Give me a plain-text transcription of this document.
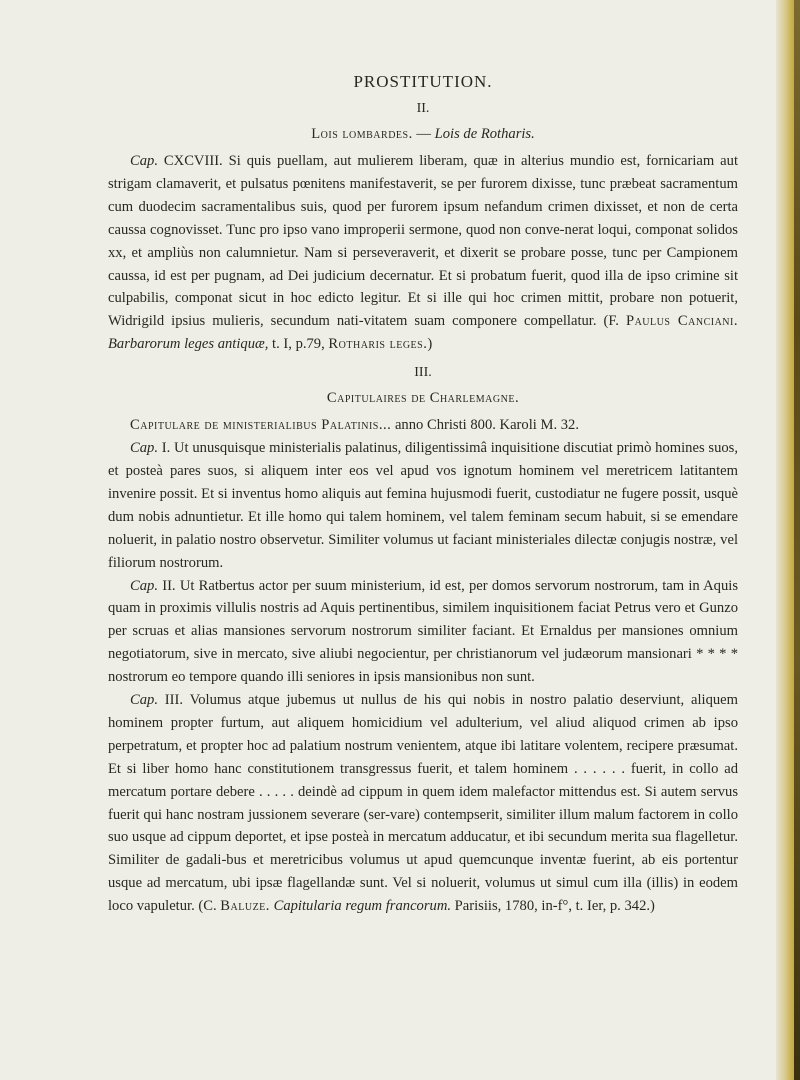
PROSTITUTION.
II.
Lois lombardes. — Lois de Rotharis.

Cap. CXCVIII. Si quis puellam, aut mulierem liberam, quæ in alterius mundio est, fornicariam aut strigam clamaverit, et pulsatus pœnitens manifestaverit, se per furorem dixisse, tunc præbeat sacramentum cum duodecim sacramentalibus suis, quod per furorem ipsum nefandum crimen dixisset, et non de certa caussa cognovisset. Tunc pro ipso vano improperii sermone, quod non conve-nerat loqui, componat solidos xx, et ampliùs non calumnietur. Nam si perseveraverit, et dixerit se probare posse, tunc per Campionem caussa, id est per pugnam, ad Dei judicium decernatur. Et si probatum fuerit, quod illa de ipso crimine sit culpabilis, componat sicut in hoc edicto legitur. Et si ille qui hoc crimen mittit, probare non potuerit, Widrigild ipsius mulieris, secundum nati-vitatem suam componere compellatur. (F. Paulus Canciani. Barbarorum leges antiquæ, t. I, p.79, Rotharis leges.)

III.
Capitulaires de Charlemagne.

Capitulare de ministerialibus Palatinis... anno Christi 800. Karoli M. 32.

Cap. I. Ut unusquisque ministerialis palatinus, diligentissimâ inquisitione discutiat primò homines suos, et posteà pares suos, si aliquem inter eos vel apud vos ignotum hominem vel meretricem latitantem invenire possit. Et si inventus homo aliquis aut femina hujusmodi fuerit, custodiatur ne fugere possit, usquè dum nobis adnuntietur. Et ille homo qui talem hominem, vel talem feminam secum habuit, si se emendare noluerit, in palatio nostro observetur. Similiter volumus ut faciant ministeriales dilectæ conjugis nostræ, vel filiorum nostrorum.

Cap. II. Ut Ratbertus actor per suum ministerium, id est, per domos servorum nostrorum, tam in Aquis quam in proximis villulis nostris ad Aquis pertinentibus, similem inquisitionem faciat Petrus vero et Gunzo per scruas et alias mansiones servorum nostrorum similiter faciant. Et Ernaldus per mansiones omnium negotiatorum, sive in mercato, sive aliubi negocientur, per christianorum vel judæorum mansionari * * * * nostrorum eo tempore quando illi seniores in ipsis mansionibus non sunt.

Cap. III. Volumus atque jubemus ut nullus de his qui nobis in nostro palatio deserviunt, aliquem hominem propter furtum, aut aliquem homicidium vel adulterium, vel aliud aliquod crimen ab ipso perpetratum, et propter hoc ad palatium nostrum venientem, atque ibi latitare volentem, recipere præsumat. Et si liber homo hanc constitutionem transgressus fuerit, et talem hominem . . . . . . fuerit, in collo ad mercatum portare debere . . . . . deindè ad cippum in quem idem malefactor mittendus est. Si autem servus fuerit qui hanc nostram jussionem severare (ser-vare) contempserit, similiter illum malum factorem in collo suo usque ad cippum deportet, et ipse posteà in mercatum adducatur, et ibi secundum merita sua flagelletur. Similiter de gadali-bus et meretricibus volumus ut apud quemcunque inventæ fuerint, ab eis portentur usque ad mercatum, ubi ipsæ flagellandæ sunt. Vel si noluerit, volumus ut simul cum illa (illis) in eodem loco vapuletur. (C. Baluze. Capitularia regum francorum. Parisiis, 1780, in-f°, t. Ier, p. 342.)
